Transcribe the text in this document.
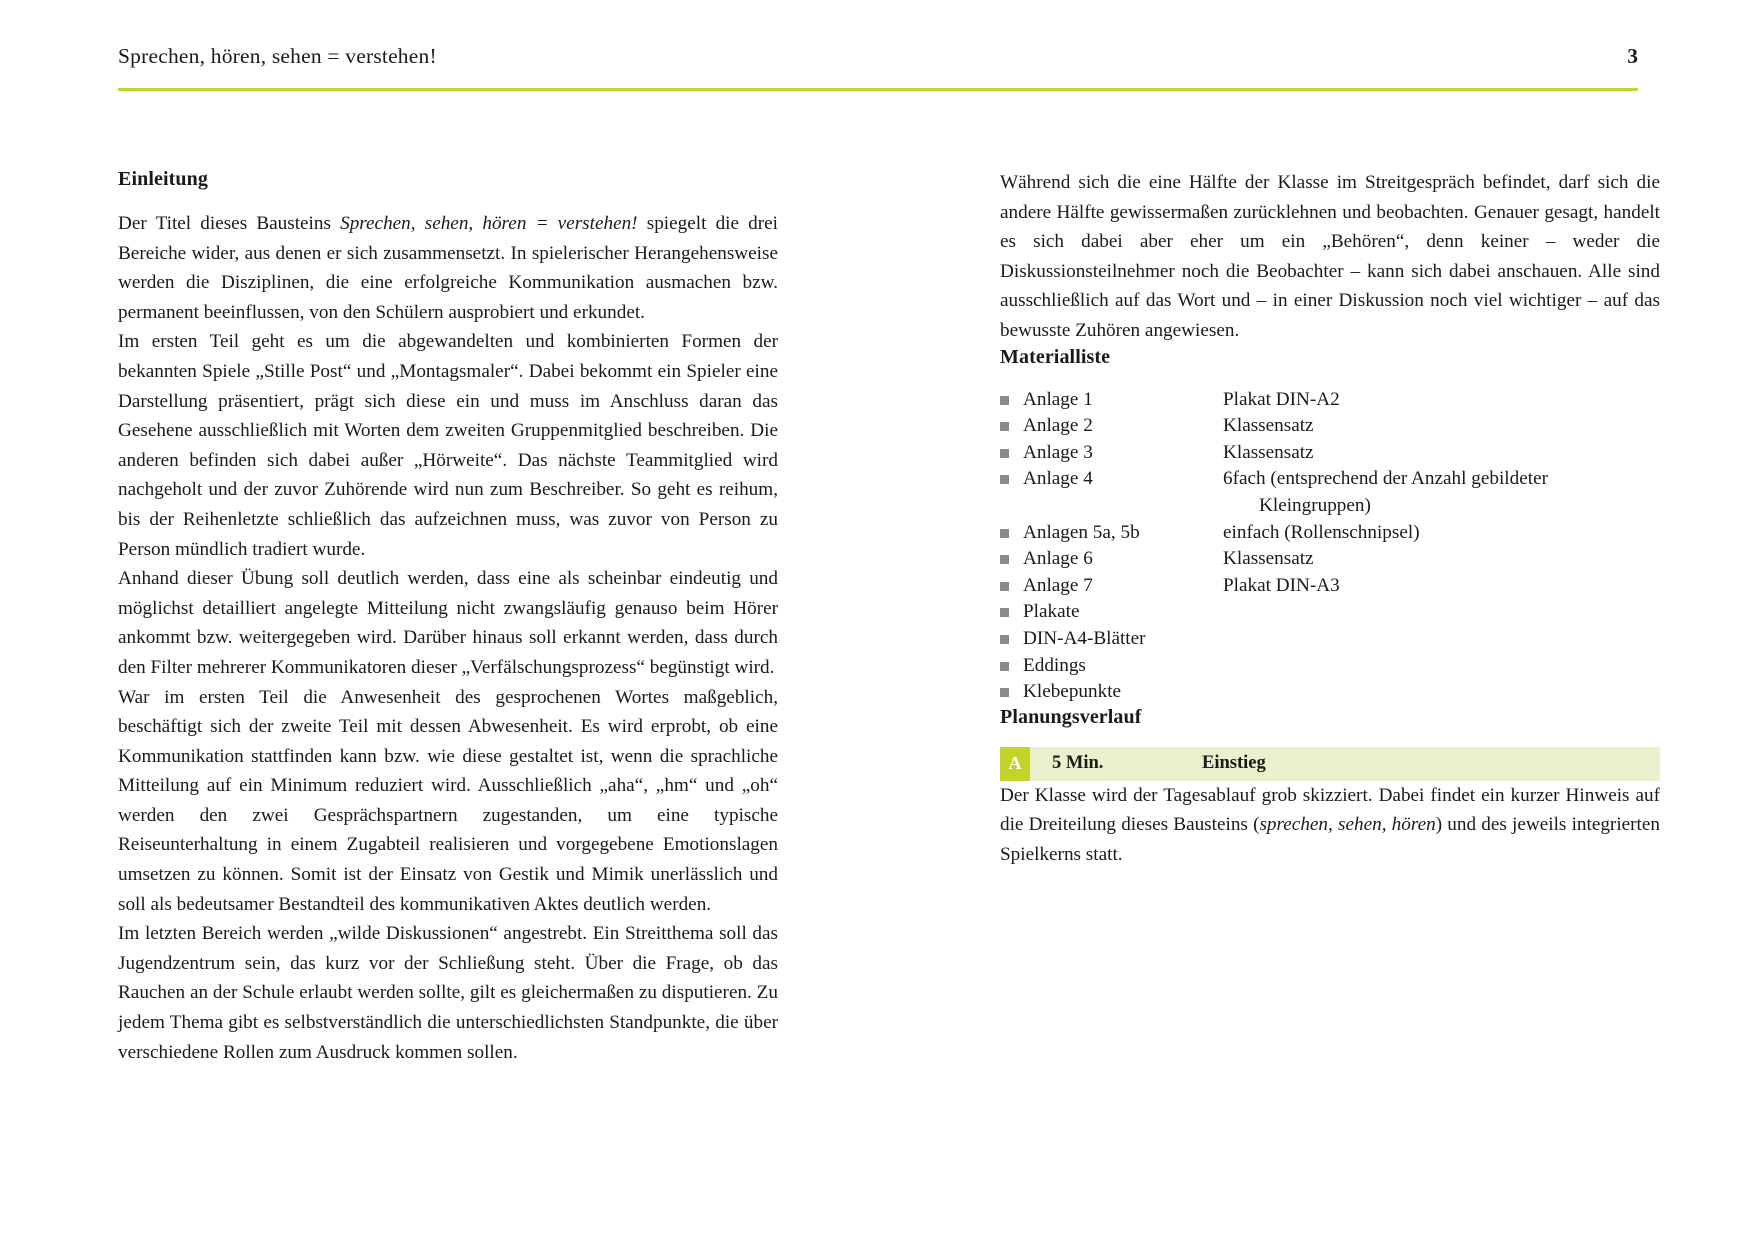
Sprechen, hören, sehen = verstehen!	3
Einleitung

Der Titel dieses Bausteins Sprechen, sehen, hören = verstehen! spiegelt die drei Bereiche wider, aus denen er sich zusammensetzt. In spielerischer Herangehensweise werden die Disziplinen, die eine erfolgreiche Kommunikation ausmachen bzw. permanent beeinflussen, von den Schülern ausprobiert und erkundet.

Im ersten Teil geht es um die abgewandelten und kombinierten Formen der bekannten Spiele „Stille Post“ und „Montagsmaler“. Dabei bekommt ein Spieler eine Darstellung präsentiert, prägt sich diese ein und muss im Anschluss daran das Gesehene ausschließlich mit Worten dem zweiten Gruppenmitglied beschreiben. Die anderen befinden sich dabei außer „Hörweite“. Das nächste Teammitglied wird nachgeholt und der zuvor Zuhörende wird nun zum Beschreiber. So geht es reihum, bis der Reihenletzte schließlich das aufzeichnen muss, was zuvor von Person zu Person mündlich tradiert wurde.

Anhand dieser Übung soll deutlich werden, dass eine als scheinbar eindeutig und möglichst detailliert angelegte Mitteilung nicht zwangsläufig genauso beim Hörer ankommt bzw. weitergegeben wird. Darüber hinaus soll erkannt werden, dass durch den Filter mehrerer Kommunikatoren dieser „Verfälschungsprozess“ begünstigt wird.

War im ersten Teil die Anwesenheit des gesprochenen Wortes maßgeblich, beschäftigt sich der zweite Teil mit dessen Abwesenheit. Es wird erprobt, ob eine Kommunikation stattfinden kann bzw. wie diese gestaltet ist, wenn die sprachliche Mitteilung auf ein Minimum reduziert wird. Ausschließlich „aha“, „hm“ und „oh“ werden den zwei Gesprächspartnern zugestanden, um eine typische Reiseunterhaltung in einem Zugabteil realisieren und vorgegebene Emotionslagen umsetzen zu können. Somit ist der Einsatz von Gestik und Mimik unerlässlich und soll als bedeutsamer Bestandteil des kommunikativen Aktes deutlich werden.

Im letzten Bereich werden „wilde Diskussionen“ angestrebt. Ein Streitthema soll das Jugendzentrum sein, das kurz vor der Schließung steht. Über die Frage, ob das Rauchen an der Schule erlaubt werden sollte, gilt es gleichermaßen zu disputieren. Zu jedem Thema gibt es selbstverständlich die unterschiedlichsten Standpunkte, die über verschiedene Rollen zum Ausdruck kommen sollen.

Während sich die eine Hälfte der Klasse im Streitgespräch befindet, darf sich die andere Hälfte gewissermaßen zurücklehnen und beobachten. Genauer gesagt, handelt es sich dabei aber eher um ein „Behören“, denn keiner – weder die Diskussionsteilnehmer noch die Beobachter – kann sich dabei anschauen. Alle sind ausschließlich auf das Wort und – in einer Diskussion noch viel wichtiger – auf das bewusste Zuhören angewiesen.

Materialliste
Anlage 1	Plakat DIN-A2
Anlage 2	Klassensatz
Anlage 3	Klassensatz
Anlage 4	6fach (entsprechend der Anzahl gebildeter
Kleingruppen)
Anlagen 5a, 5b	einfach (Rollenschnipsel)
Anlage 6	Klassensatz
Anlage 7	Plakat DIN-A3
Plakate
DIN-A4-Blätter
Eddings
Klebepunkte
Planungsverlauf
A	5 Min.	Einstieg

Der Klasse wird der Tagesablauf grob skizziert. Dabei findet ein kurzer Hinweis auf die Dreiteilung dieses Bausteins (sprechen, sehen, hören) und des jeweils integrierten Spielkerns statt.
